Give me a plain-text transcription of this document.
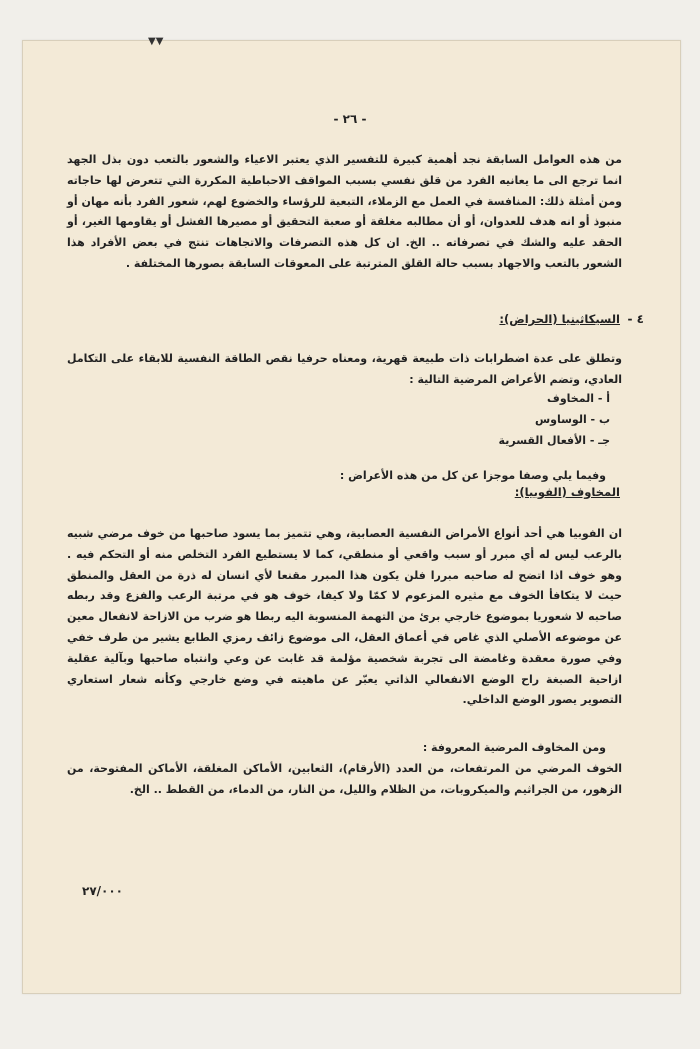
▼▼
- ٢٦ -
من هذه العوامل السابقة نجد أهمية كبيرة للتفسير الذي يعتبر الاعياء والشعور بالتعب دون بذل الجهد انما ترجع الى ما يعانيه الفرد من قلق نفسي بسبب المواقف الاحباطية المكررة التي تتعرض لها حاجاته ومن أمثلة ذلك: المنافسة في العمل مع الزملاء، التبعية للرؤساء والخضوع لهم، شعور الفرد بأنه مهان أو منبوذ أو انه هدف للعدوان، أو أن مطالبه مغلقة أو صعبة التحقيق أو مصيرها الفشل أو يقاومها الغير، أو الحقد عليه والشك في تصرفاته .. الخ. ان كل هذه التصرفات والاتجاهات تنتج في بعض الأفراد هذا الشعور بالتعب والاجهاد بسبب حالة القلق المترتبة على المعوقات السابقة بصورها المختلفة .
٤ -
السيكاثينيا (الحراض):
وتطلق على عدة اضطرابات ذات طبيعة قهرية، ومعناه حرفيا نقص الطاقة النفسية للابقاء على التكامل العادي، وتضم الأعراض المرضية التالية :
أ - المخاوف
ب - الوساوس
جـ - الأفعال القسرية
وفيما يلي وصفا موجزا عن كل من هذه الأعراض :
المخاوف (الفوبيا):
ان الفوبيا هي أحد أنواع الأمراض النفسية العصابية، وهي تتميز بما يسود صاحبها من خوف مرضي شبيه بالرعب ليس له أي مبرر أو سبب واقعي أو منطقي، كما لا يستطيع الفرد التخلص منه أو التحكم فيه . وهو خوف اذا اتضح له صاحبه مبررا فلن يكون هذا المبرر مقنعا لأي انسان له ذرة من العقل والمنطق حيث لا يتكافأ الخوف مع مثيره المزعوم لا كمّا ولا كيفا، خوف هو في مرتبة الرعب والفزع وقد ربطه صاحبه لا شعوريا بموضوع خارجي برئ من التهمة المنسوبة اليه ربطا هو ضرب من الازاحة لانفعال معين عن موضوعه الأصلي الذي غاص في أعماق العقل، الى موضوع زائف رمزي الطابع يشير من طرف خفي وفي صورة معقدة وغامضة الى تجربة شخصية مؤلمة قد غابت عن وعي وانتباه صاحبها وبآلية عقلية ازاحية الصبغة راح الوضع الانفعالي الذاتي يعبّر عن ماهيته في وضع خارجي وكأنه شعار استعاري التصوير يصور الوضع الداخلي.
ومن المخاوف المرضية المعروفة :
الخوف المرضي من المرتفعات، من العدد (الأرقام)، الثعابين، الأماكن المغلقة، الأماكن المفتوحة، من الزهور، من الجراثيم والميكروبات، من الظلام والليل، من النار، من الدماء، من القطط .. الخ.
٢٧/٠٠٠
